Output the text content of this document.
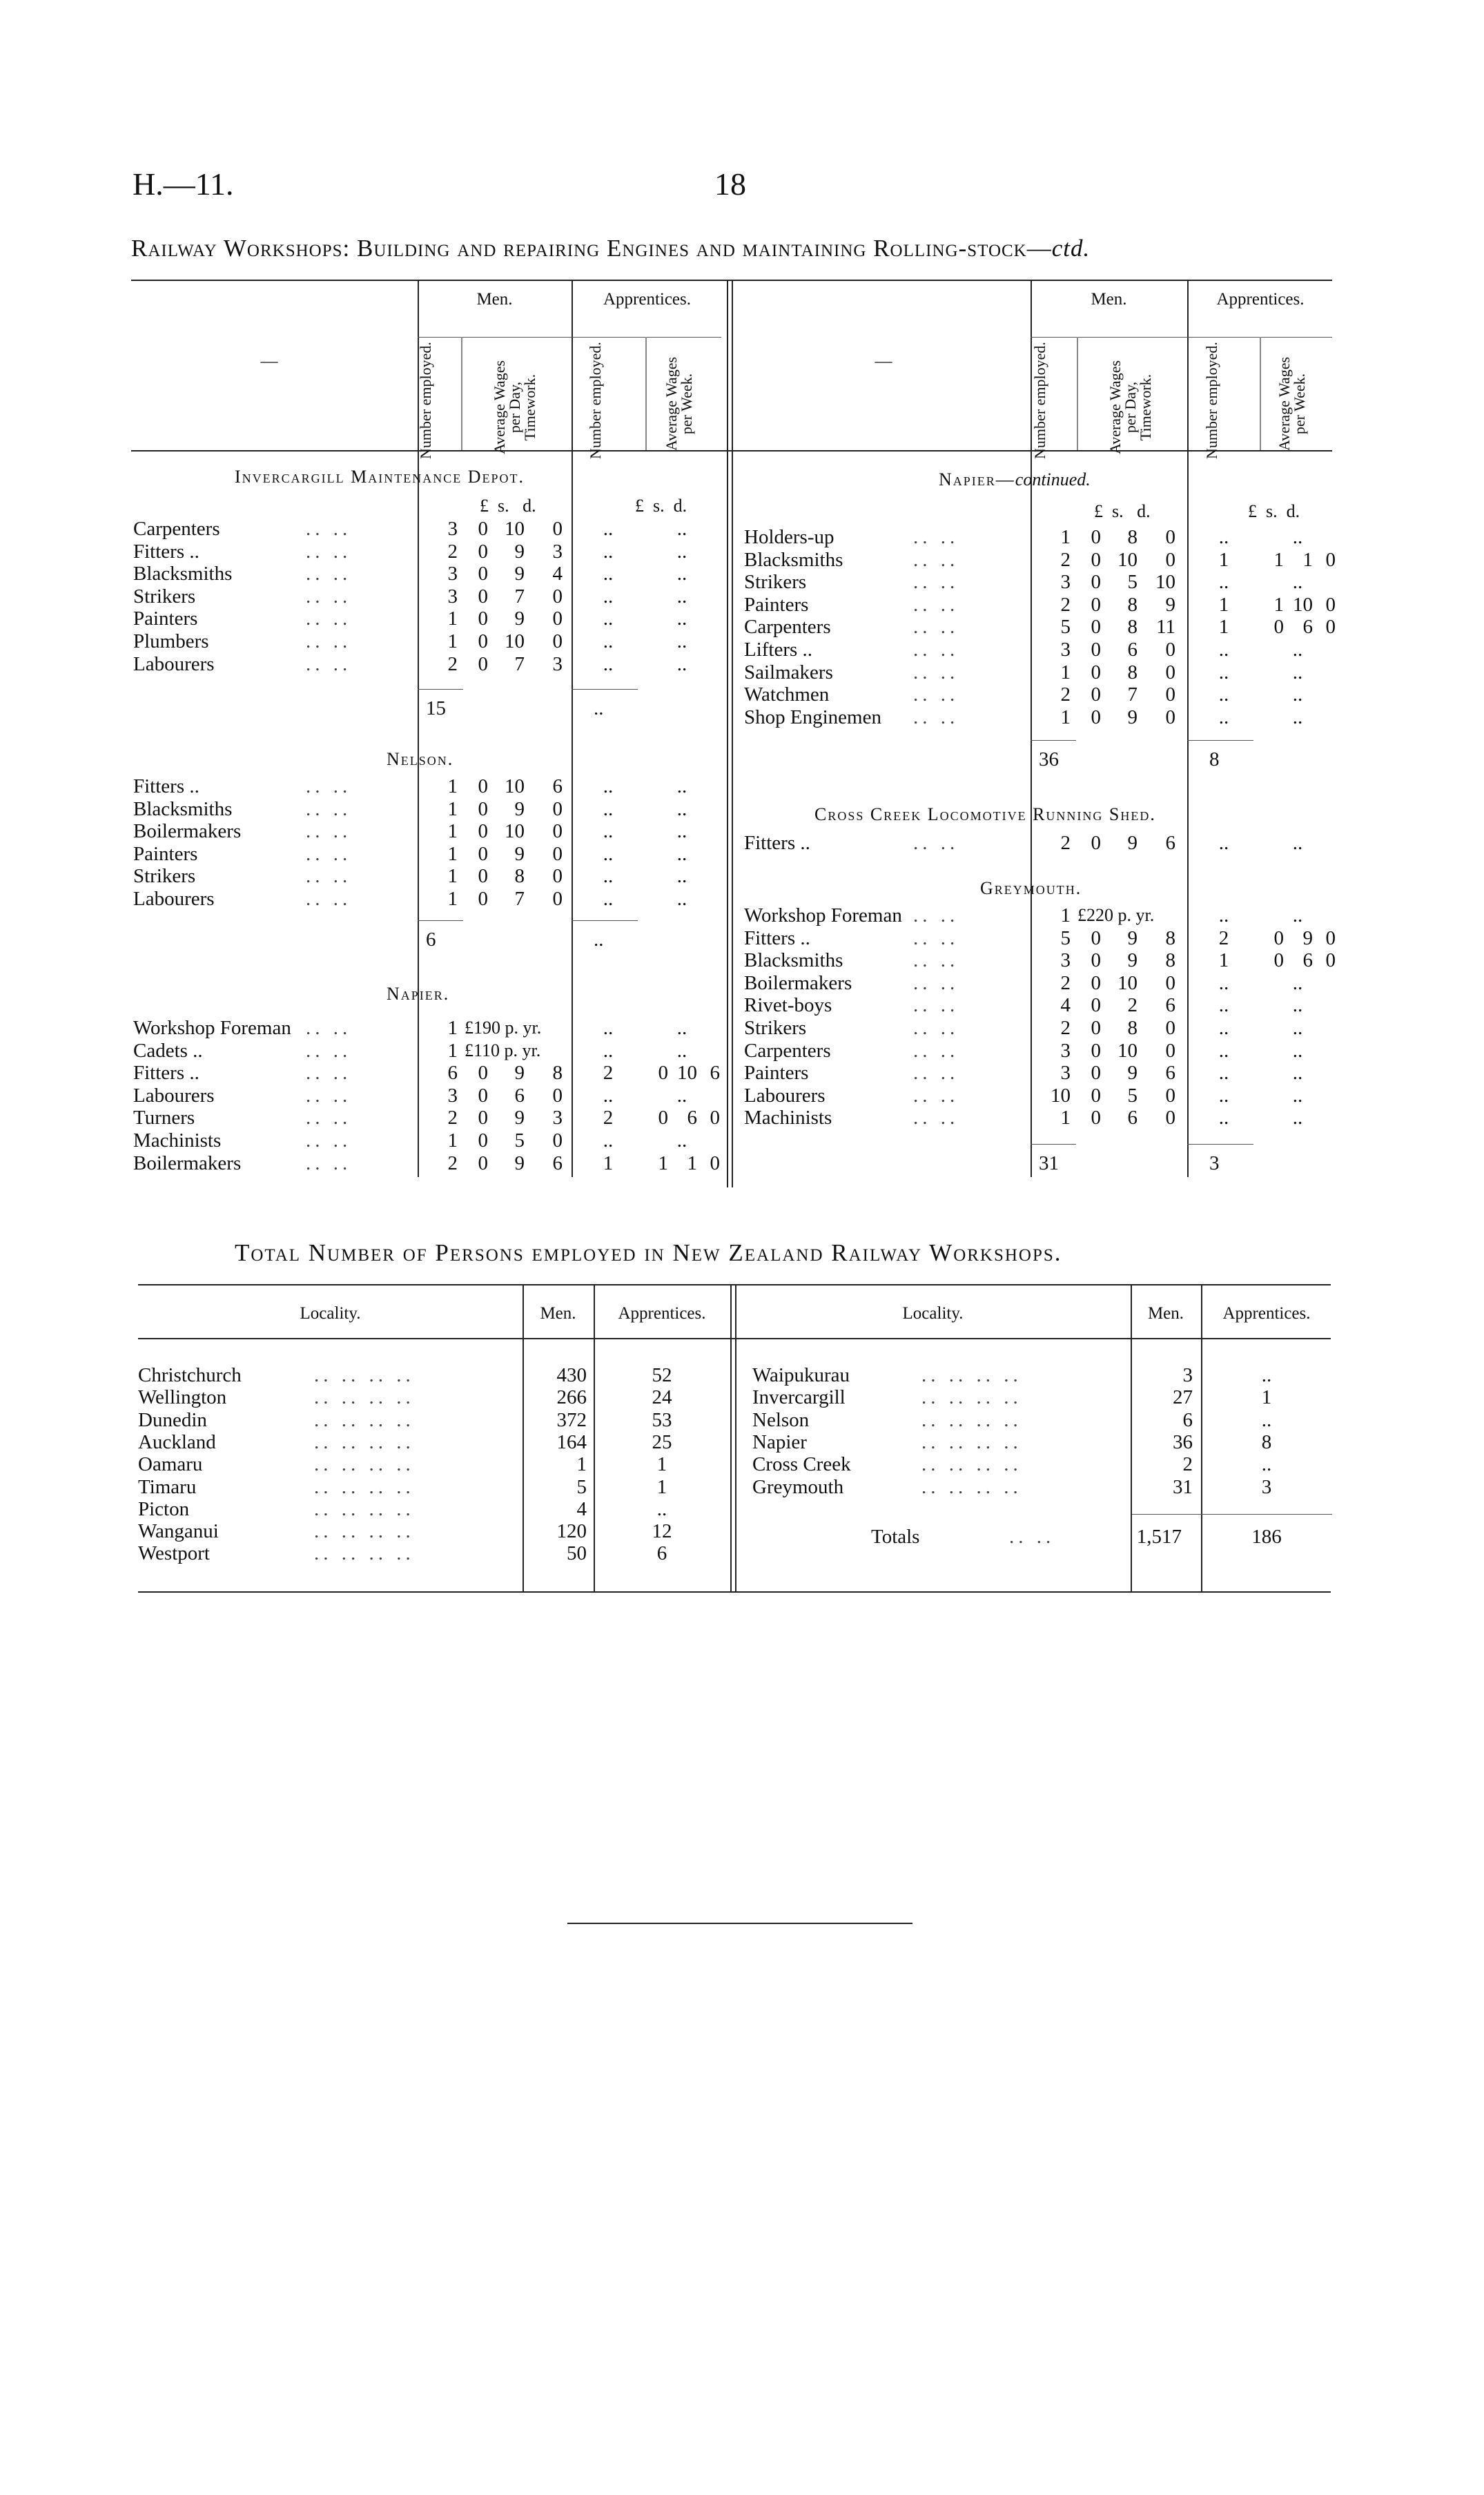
H.—11.	18
Railway Workshops: Building and repairing Engines and maintaining Rolling-stock—ctd.
—
Men.	Apprentices.
Number employed.	Average Wages per Day, Timework.	Number employed.	Average Wages per Week.
—
Men.	Apprentices.
Number employed.	Average Wages per Day, Timework.	Number employed.	Average Wages per Week.
£ s. d.	£ s. d.	£ s. d.	£ s. d.
Invercargill Maintenance Depot.
Carpenters	.. ..	3	0 10	0	..	..
Fitters ..	.. ..	2	0	9	3	..	..
Blacksmiths	.. ..	3	0	9	4	..	..
Strikers	.. ..	3	0	7	0	..	..
Painters	.. ..	1	0	9	0	..	..
Plumbers	.. ..	1	0 10	0	..	..
Labourers	.. ..	2	0	7	3	..	..
15	..
Nelson.
Fitters ..	.. ..	1	0 10	6	..	..
Blacksmiths	.. ..	1	0	9	0	..	..
Boilermakers	.. ..	1	0 10	0	..	..
Painters	.. ..	1	0	9	0	..	..
Strikers	.. ..	1	0	8	0	..	..
Labourers	.. ..	1	0	7	0	..	..
6	..
Napier.
Workshop Foreman .. ..	1 £190 p. yr.	..	..
Cadets ..	.. ..	1 £110 p. yr.	..	..
Fitters ..	.. ..	6	0	9	8	2	0 10 6
Labourers	.. ..	3	0	6	0	..	..
Turners	.. ..	2	0	9	3	2	0 6 0
Machinists	.. ..	1	0	5	0	..	..
Boilermakers	.. ..	2	0	9	6	1	1 1 0
Napier—continued.
Holders-up	.. ..	1	0	8	0	..	..
Blacksmiths	.. ..	2	0 10	0	1	1 1 0
Strikers	.. ..	3	0	5 10	..	..
Painters	.. ..	2	0	8	9	1	1 10 0
Carpenters	.. ..	5	0	8 11	1	0 6 0
Lifters ..	.. ..	3	0	6	0	..	..
Sailmakers	.. ..	1	0	8	0	..	..
Watchmen	.. ..	2	0	7	0	..	..
Shop Enginemen .. ..	1	0	9	0	..	..
36	8
Cross Creek Locomotive Running Shed.
Fitters ..	.. ..	2	0	9	6	..	..
Greymouth.
Workshop Foreman .. ..	1 £220 p. yr.	..	..
Fitters ..	.. ..	5	0	9	8	2	0 9 0
Blacksmiths	.. ..	3	0	9	8	1	0 6 0
Boilermakers	.. ..	2	0 10	0	..	..
Rivet-boys	.. ..	4	0	2	6	..	..
Strikers	.. ..	2	0	8	0	..	..
Carpenters	.. ..	3	0 10	0	..	..
Painters	.. ..	3	0	9	6	..	..
Labourers	.. ..	10	0	5	0	..	..
Machinists	.. ..	1	0	6	0	..	..
31	3
Total Number of Persons employed in New Zealand Railway Workshops.
Locality.	Men.	Apprentices.	Locality.	Men.	Apprentices.
Christchurch	.. .. .. ..	430	52
Wellington	.. .. .. ..	266	24
Dunedin	.. .. .. ..	372	53
Auckland	.. .. .. ..	164	25
Oamaru	.. .. .. ..	1	1
Timaru	.. .. .. ..	5	1
Picton	.. .. .. ..	4	..
Wanganui	.. .. .. ..	120	12
Westport	.. .. .. ..	50	6
Waipukurau	.. .. .. ..	3	..
Invercargill	.. .. .. ..	27	1
Nelson	.. .. .. ..	6	..
Napier	.. .. .. ..	36	8
Cross Creek	.. .. .. ..	2	..
Greymouth	.. .. .. ..	31	3
Totals	.. ..	1,517	186
